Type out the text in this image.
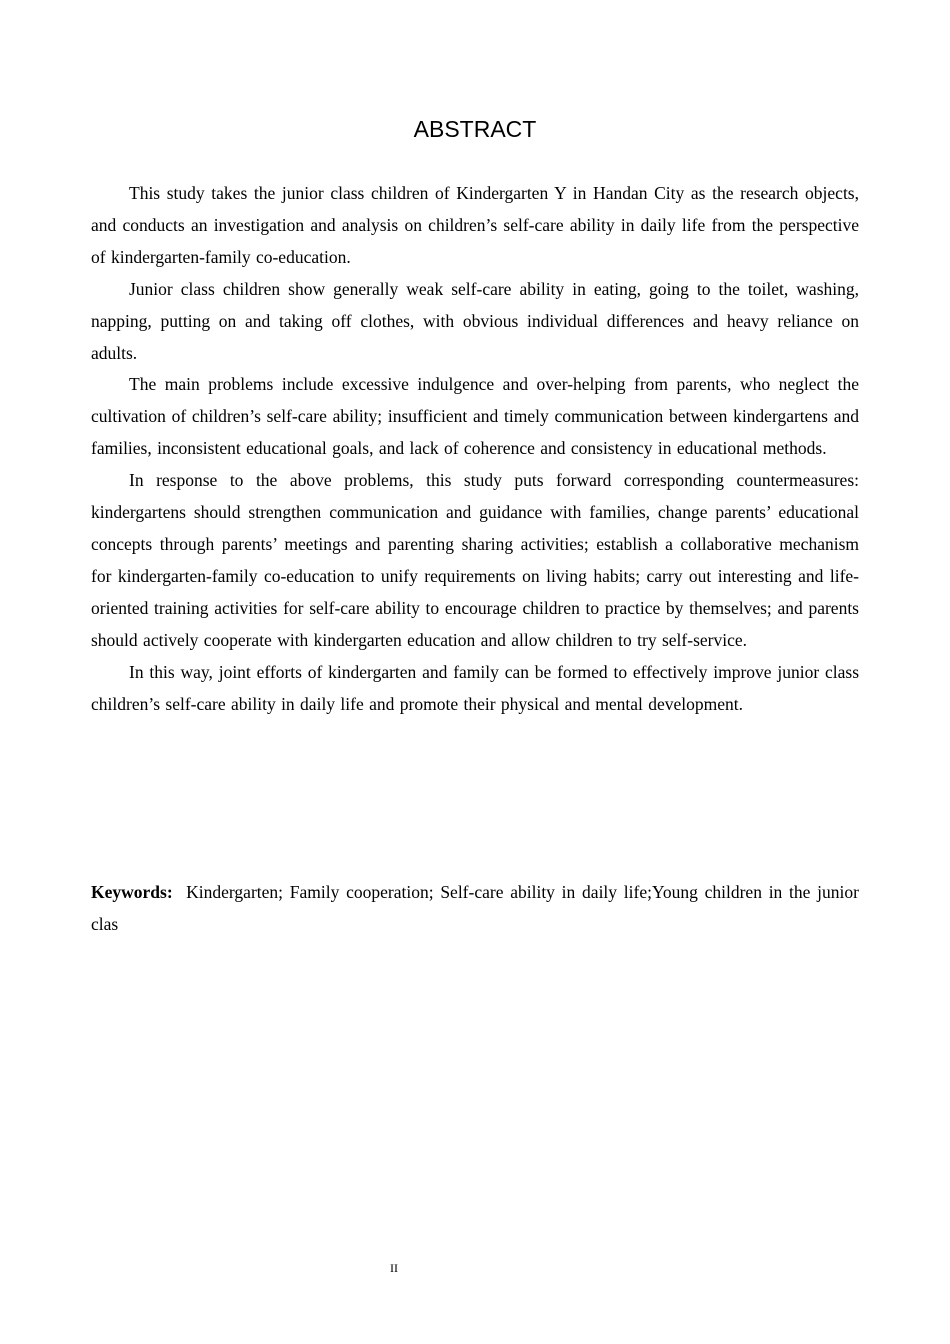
ABSTRACT

This study takes the junior class children of Kindergarten Y in Handan City as the research objects, and conducts an investigation and analysis on children’s self-care ability in daily life from the perspective of kindergarten-family co-education.

Junior class children show generally weak self-care ability in eating, going to the toilet, washing, napping, putting on and taking off clothes, with obvious individual differences and heavy reliance on adults.

The main problems include excessive indulgence and over-helping from parents, who neglect the cultivation of children’s self-care ability; insufficient and timely communication between kindergartens and families, inconsistent educational goals, and lack of coherence and consistency in educational methods.

In response to the above problems, this study puts forward corresponding countermeasures: kindergartens should strengthen communication and guidance with families, change parents’ educational concepts through parents’ meetings and parenting sharing activities; establish a collaborative mechanism for kindergarten-family co-education to unify requirements on living habits; carry out interesting and life-oriented training activities for self-care ability to encourage children to practice by themselves; and parents should actively cooperate with kindergarten education and allow children to try self-service.

In this way, joint efforts of kindergarten and family can be formed to effectively improve junior class children’s self-care ability in daily life and promote their physical and mental development.

Keywords: Kindergarten; Family cooperation; Self-care ability in daily life;Young children in the junior clas

II
